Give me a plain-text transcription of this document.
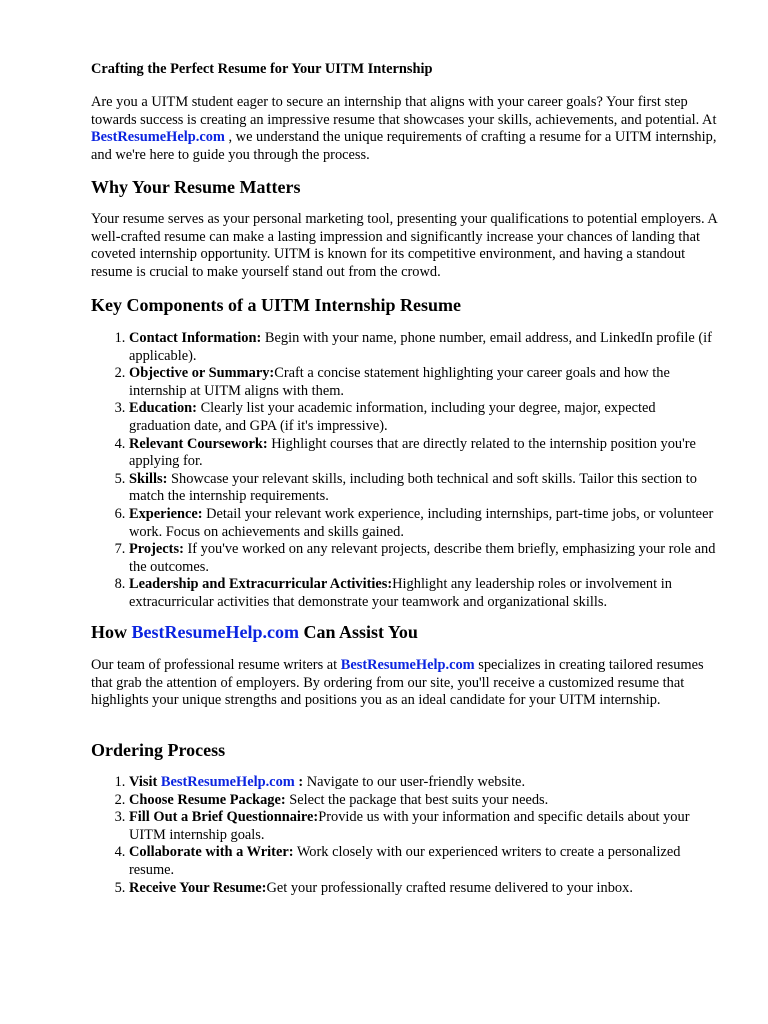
Crafting the Perfect Resume for Your UITM Internship

Are you a UITM student eager to secure an internship that aligns with your career goals? Your first step towards success is creating an impressive resume that showcases your skills, achievements, and potential. At BestResumeHelp.com , we understand the unique requirements of crafting a resume for a UITM internship, and we're here to guide you through the process.

Why Your Resume Matters

Your resume serves as your personal marketing tool, presenting your qualifications to potential employers. A well-crafted resume can make a lasting impression and significantly increase your chances of landing that coveted internship opportunity. UITM is known for its competitive environment, and having a standout resume is crucial to make yourself stand out from the crowd.

Key Components of a UITM Internship Resume
1. Contact Information: Begin with your name, phone number, email address, and LinkedIn profile (if applicable).
2. Objective or Summary:Craft a concise statement highlighting your career goals and how the internship at UITM aligns with them.
3. Education: Clearly list your academic information, including your degree, major, expected graduation date, and GPA (if it's impressive).
4. Relevant Coursework: Highlight courses that are directly related to the internship position you're applying for.
5. Skills: Showcase your relevant skills, including both technical and soft skills. Tailor this section to match the internship requirements.
6. Experience: Detail your relevant work experience, including internships, part-time jobs, or volunteer work. Focus on achievements and skills gained.
7. Projects: If you've worked on any relevant projects, describe them briefly, emphasizing your role and the outcomes.
8. Leadership and Extracurricular Activities:Highlight any leadership roles or involvement in extracurricular activities that demonstrate your teamwork and organizational skills.
How BestResumeHelp.com Can Assist You

Our team of professional resume writers at BestResumeHelp.com specializes in creating tailored resumes that grab the attention of employers. By ordering from our site, you'll receive a customized resume that highlights your unique strengths and positions you as an ideal candidate for your UITM internship.

Ordering Process
1. Visit BestResumeHelp.com : Navigate to our user-friendly website.
2. Choose Resume Package: Select the package that best suits your needs.
3. Fill Out a Brief Questionnaire:Provide us with your information and specific details about your UITM internship goals.
4. Collaborate with a Writer: Work closely with our experienced writers to create a personalized resume.
5. Receive Your Resume:Get your professionally crafted resume delivered to your inbox.
